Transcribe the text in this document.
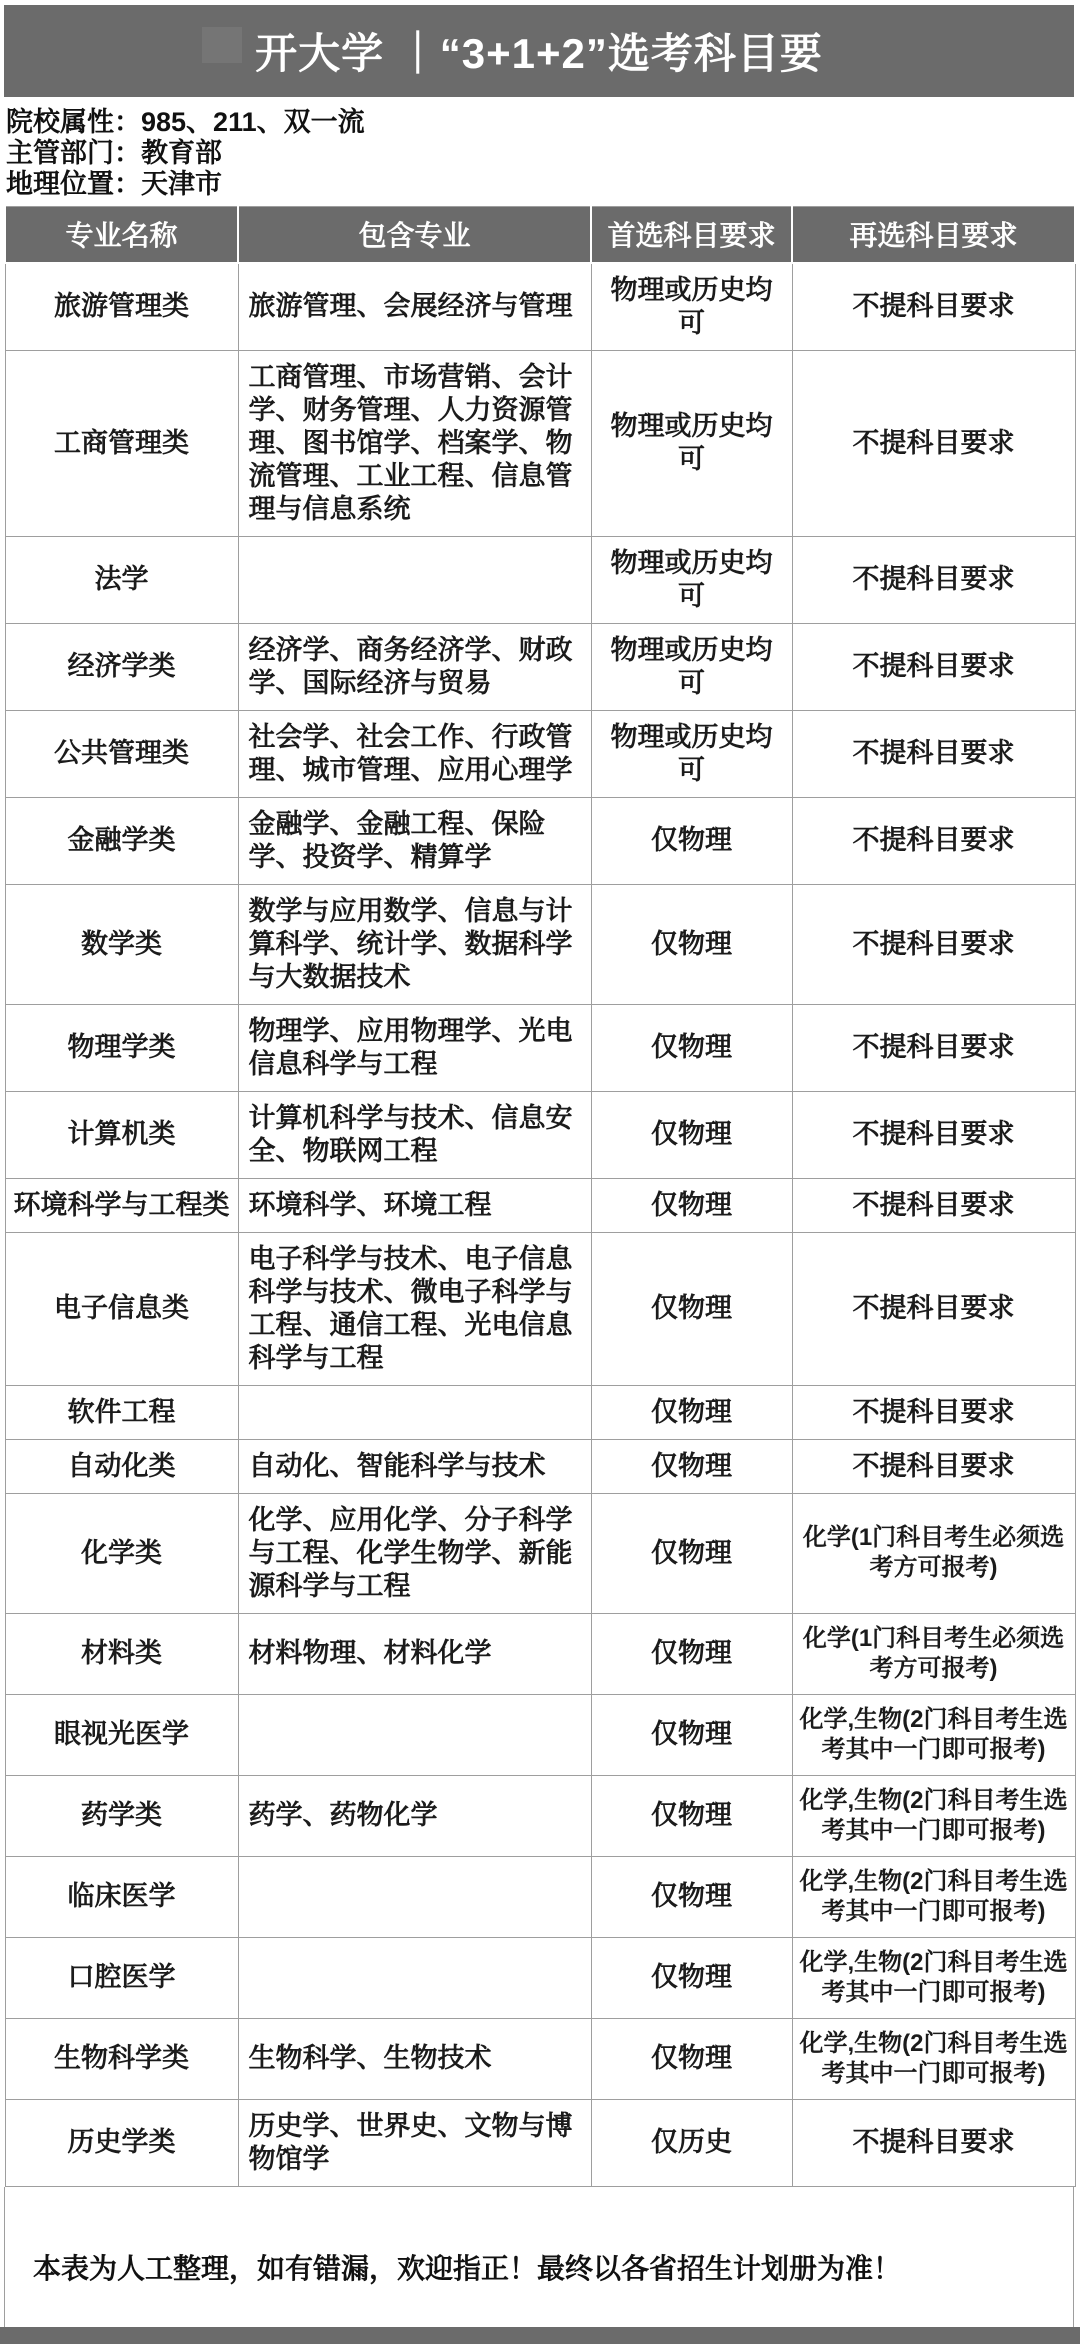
开大学 ｜“3+1+2”选考科目要
院校属性：985、211、双一流
主管部门：教育部
地理位置：天津市
专业名称	包含专业	首选科目要求	再选科目要求
旅游管理类	旅游管理、会展经济与管理	物理或历史均可	不提科目要求
工商管理类	工商管理、市场营销、会计学、财务管理、人力资源管理、图书馆学、档案学、物流管理、工业工程、信息管理与信息系统	物理或历史均可	不提科目要求
法学		物理或历史均可	不提科目要求
经济学类	经济学、商务经济学、财政学、国际经济与贸易	物理或历史均可	不提科目要求
公共管理类	社会学、社会工作、行政管理、城市管理、应用心理学	物理或历史均可	不提科目要求
金融学类	金融学、金融工程、保险学、投资学、精算学	仅物理	不提科目要求
数学类	数学与应用数学、信息与计算科学、统计学、数据科学与大数据技术	仅物理	不提科目要求
物理学类	物理学、应用物理学、光电信息科学与工程	仅物理	不提科目要求
计算机类	计算机科学与技术、信息安全、物联网工程	仅物理	不提科目要求
环境科学与工程类	环境科学、环境工程	仅物理	不提科目要求
电子信息类	电子科学与技术、电子信息科学与技术、微电子科学与工程、通信工程、光电信息科学与工程	仅物理	不提科目要求
软件工程		仅物理	不提科目要求
自动化类	自动化、智能科学与技术	仅物理	不提科目要求
化学类	化学、应用化学、分子科学与工程、化学生物学、新能源科学与工程	仅物理	化学(1门科目考生必须选考方可报考)
材料类	材料物理、材料化学	仅物理	化学(1门科目考生必须选考方可报考)
眼视光医学		仅物理	化学,生物(2门科目考生选考其中一门即可报考)
药学类	药学、药物化学	仅物理	化学,生物(2门科目考生选考其中一门即可报考)
临床医学		仅物理	化学,生物(2门科目考生选考其中一门即可报考)
口腔医学		仅物理	化学,生物(2门科目考生选考其中一门即可报考)
生物科学类	生物科学、生物技术	仅物理	化学,生物(2门科目考生选考其中一门即可报考)
历史学类	历史学、世界史、文物与博物馆学	仅历史	不提科目要求
本表为人工整理，如有错漏，欢迎指正！最终以各省招生计划册为准！
